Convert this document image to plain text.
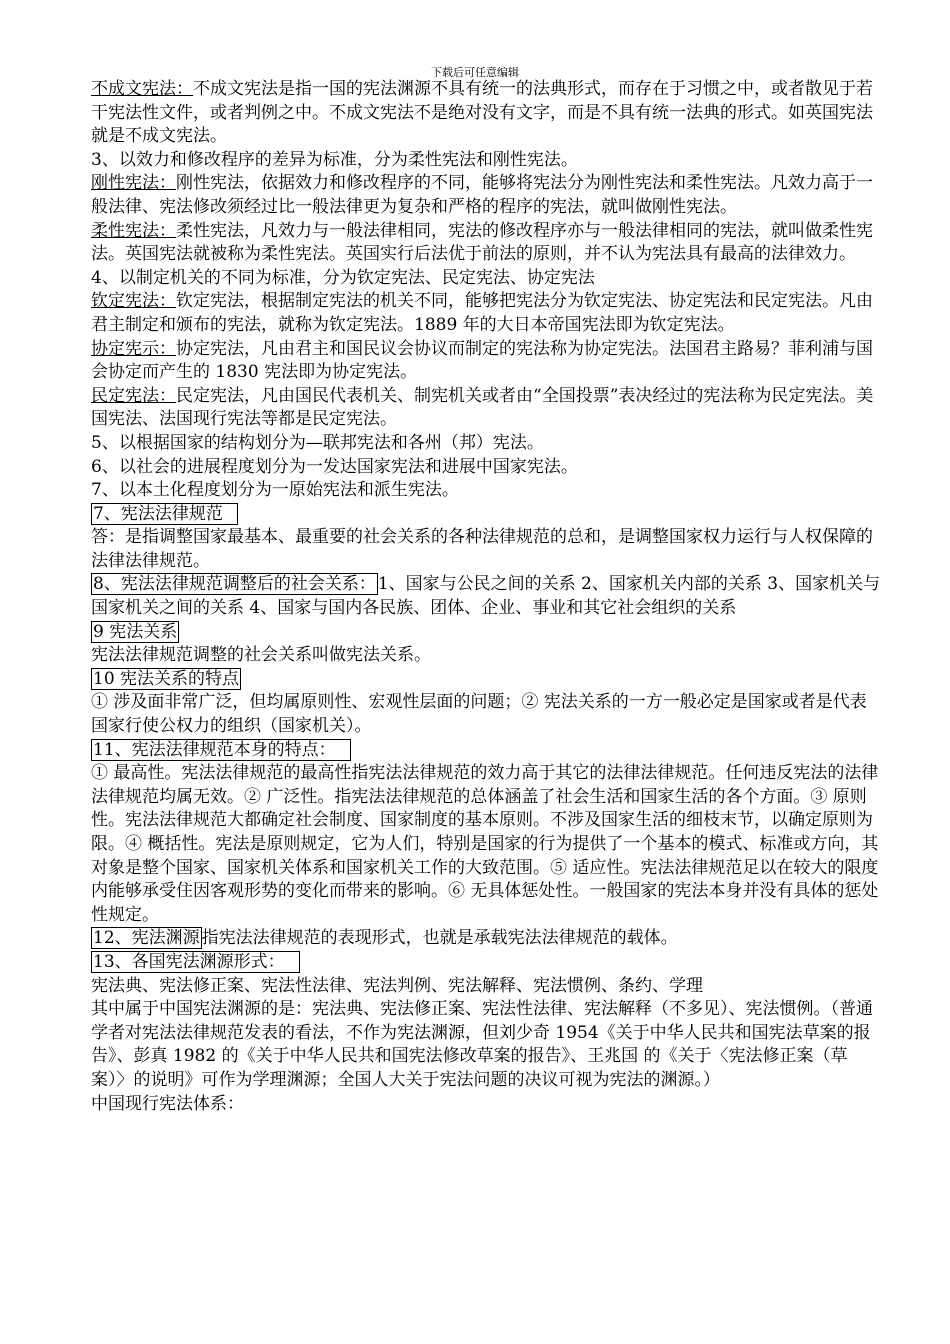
下载后可任意编辑

不成文宪法：不成文宪法是指一国的宪法渊源不具有统一的法典形式，而存在于习惯之中，或者散见于若干宪法性文件，或者判例之中。不成文宪法不是绝对没有文字，而是不具有统一法典的形式。如英国宪法就是不成文宪法。

3、以效力和修改程序的差异为标准，分为柔性宪法和刚性宪法。

刚性宪法：刚性宪法，依据效力和修改程序的不同，能够将宪法分为刚性宪法和柔性宪法。凡效力高于一般法律、宪法修改须经过比一般法律更为复杂和严格的程序的宪法，就叫做刚性宪法。

柔性宪法：柔性宪法，凡效力与一般法律相同，宪法的修改程序亦与一般法律相同的宪法，就叫做柔性宪法。英国宪法就被称为柔性宪法。英国实行后法优于前法的原则，并不认为宪法具有最高的法律效力。

4、以制定机关的不同为标准，分为钦定宪法、民定宪法、协定宪法

钦定宪法：钦定宪法，根据制定宪法的机关不同，能够把宪法分为钦定宪法、协定宪法和民定宪法。凡由君主制定和颁布的宪法，就称为钦定宪法。1889 年的大日本帝国宪法即为钦定宪法。

协定宪示：协定宪法，凡由君主和国民议会协议而制定的宪法称为协定宪法。法国君主路易？菲利浦与国会协定而产生的 1830 宪法即为协定宪法。

民定宪法：民定宪法，凡由国民代表机关、制宪机关或者由“全国投票”表决经过的宪法称为民定宪法。美国宪法、法国现行宪法等都是民定宪法。

5、以根据国家的结构划分为—联邦宪法和各州（邦）宪法。

6、以社会的进展程度划分为一发达国家宪法和进展中国家宪法。

7、以本土化程度划分为一原始宪法和派生宪法。

7、宪法法律规范

答：是指调整国家最基本、最重要的社会关系的各种法律规范的总和，是调整国家权力运行与人权保障的法律法律规范。

8、宪法法律规范调整后的社会关系： 1、国家与公民之间的关系 2、国家机关内部的关系 3、国家机关与国家机关之间的关系 4、国家与国内各民族、团体、企业、事业和其它社会组织的关系

9 宪法关系

宪法法律规范调整的社会关系叫做宪法关系。

10 宪法关系的特点

① 涉及面非常广泛，但均属原则性、宏观性层面的问题；② 宪法关系的一方一般必定是国家或者是代表国家行使公权力的组织（国家机关）。

11、宪法法律规范本身的特点：

① 最高性。宪法法律规范的最高性指宪法法律规范的效力高于其它的法律法律规范。任何违反宪法的法律法律规范均属无效。② 广泛性。指宪法法律规范的总体涵盖了社会生活和国家生活的各个方面。③ 原则性。宪法法律规范大都确定社会制度、国家制度的基本原则。不涉及国家生活的细枝末节，以确定原则为限。④ 概括性。宪法是原则规定，它为人们，特别是国家的行为提供了一个基本的模式、标准或方向，其对象是整个国家、国家机关体系和国家机关工作的大致范围。⑤ 适应性。宪法法律规范足以在较大的限度内能够承受住因客观形势的变化而带来的影响。⑥ 无具体惩处性。一般国家的宪法本身并没有具体的惩处性规定。

12、宪法渊源 指宪法法律规范的表现形式，也就是承载宪法法律规范的载体。

13、各国宪法渊源形式：

宪法典、宪法修正案、宪法性法律、宪法判例、宪法解释、宪法惯例、条约、学理

其中属于中国宪法渊源的是：宪法典、宪法修正案、宪法性法律、宪法解释（不多见）、宪法惯例。（普通学者对宪法法律规范发表的看法，不作为宪法渊源，但刘少奇 1954《关于中华人民共和国宪法草案的报告》、彭真 1982 的《关于中华人民共和国宪法修改草案的报告》、王兆国 的《关于〈宪法修正案（草案）〉的说明》可作为学理渊源；全国人大关于宪法问题的决议可视为宪法的渊源。）

中国现行宪法体系：
